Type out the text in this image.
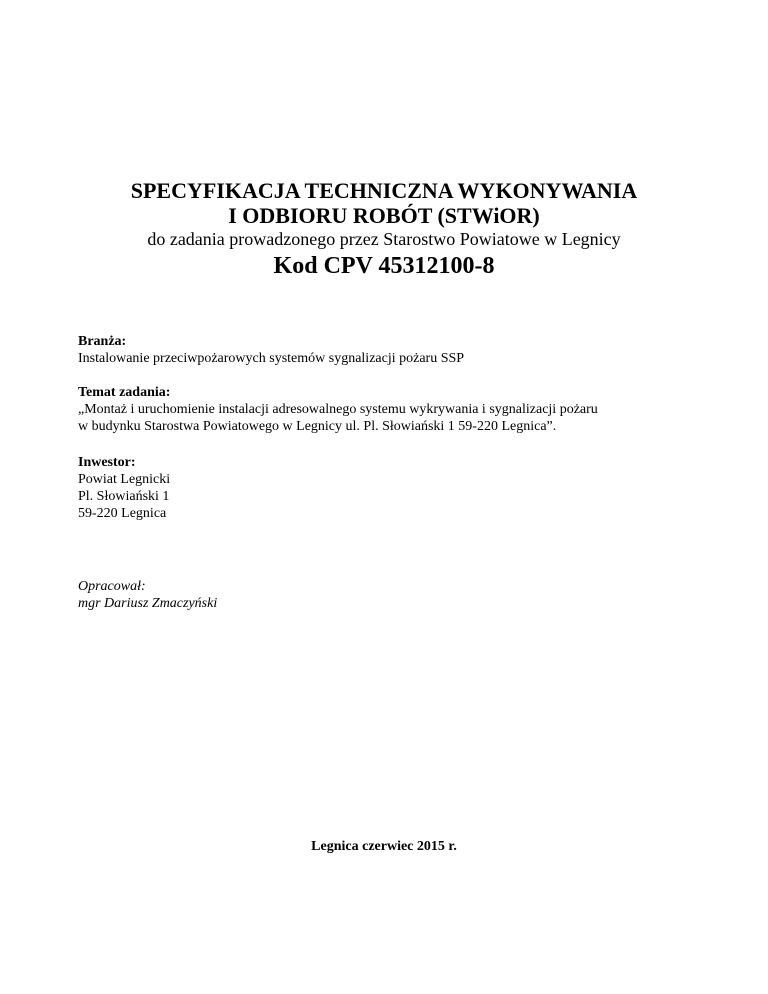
SPECYFIKACJA TECHNICZNA WYKONYWANIA

I ODBIORU ROBÓT (STWiOR)

do zadania prowadzonego przez Starostwo Powiatowe w Legnicy

Kod CPV 45312100-8

Branża:

Instalowanie przeciwpożarowych systemów sygnalizacji pożaru SSP

Temat zadania:

„Montaż i uruchomienie instalacji adresowalnego systemu wykrywania i sygnalizacji pożaru

w budynku Starostwa Powiatowego w Legnicy ul. Pl. Słowiański 1 59-220 Legnica”.

Inwestor:

Powiat Legnicki

Pl. Słowiański 1

59-220 Legnica

Opracował:

mgr Dariusz Zmaczyński

Legnica czerwiec 2015 r.
